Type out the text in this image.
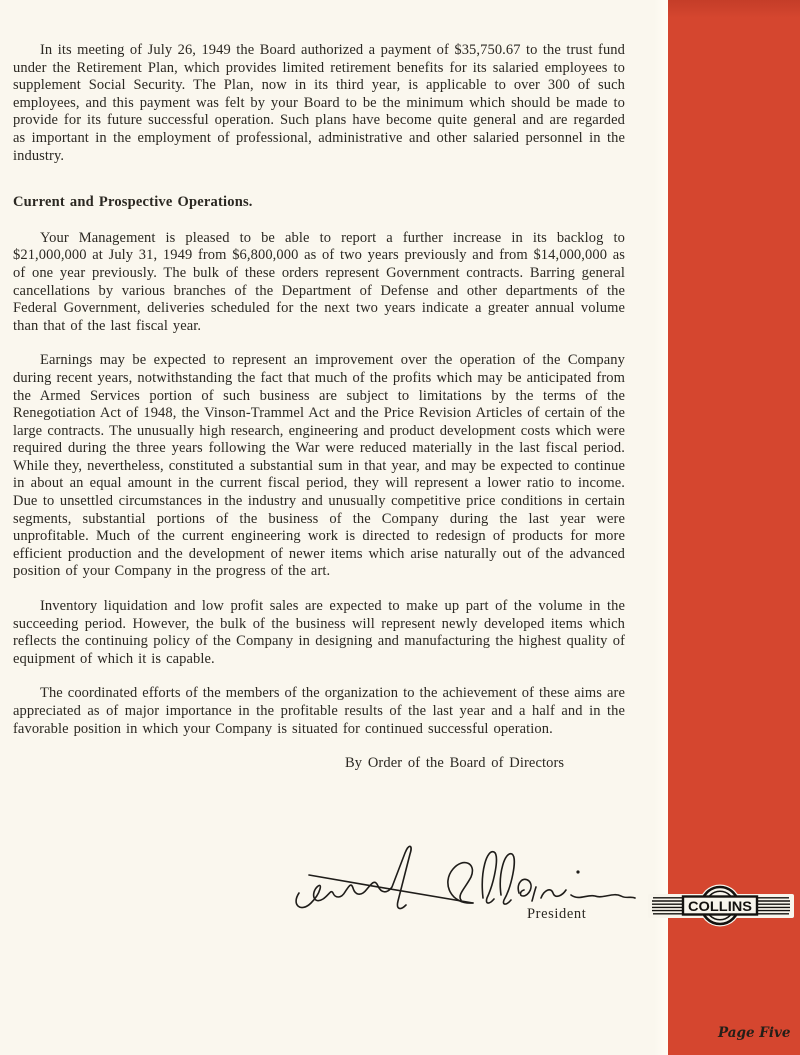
In its meeting of July 26, 1949 the Board authorized a payment of $35,750.67 to the trust fund under the Retirement Plan, which provides limited retirement benefits for its salaried employees to supplement Social Security. The Plan, now in its third year, is applicable to over 300 of such employees, and this payment was felt by your Board to be the minimum which should be made to provide for its future successful operation. Such plans have become quite general and are regarded as important in the employment of professional, administrative and other salaried personnel in the industry.

Current and Prospective Operations.

Your Management is pleased to be able to report a further increase in its backlog to $21,000,000 at July 31, 1949 from $6,800,000 as of two years previously and from $14,000,000 as of one year previously. The bulk of these orders represent Government contracts. Barring general cancellations by various branches of the Department of Defense and other departments of the Federal Government, deliveries scheduled for the next two years indicate a greater annual volume than that of the last fiscal year.

Earnings may be expected to represent an improvement over the operation of the Company during recent years, notwithstanding the fact that much of the profits which may be anticipated from the Armed Services portion of such business are subject to limitations by the terms of the Renegotiation Act of 1948, the Vinson-Trammel Act and the Price Revision Articles of certain of the large contracts. The unusually high research, engineering and product development costs which were required during the three years following the War were reduced materially in the last fiscal period. While they, nevertheless, constituted a substantial sum in that year, and may be expected to continue in about an equal amount in the current fiscal period, they will represent a lower ratio to income. Due to unsettled circumstances in the industry and unusually competitive price conditions in certain segments, substantial portions of the business of the Company during the last year were unprofitable. Much of the current engineering work is directed to redesign of products for more efficient production and the development of newer items which arise naturally out of the advanced position of your Company in the progress of the art.

Inventory liquidation and low profit sales are expected to make up part of the volume in the succeeding period. However, the bulk of the business will represent newly developed items which reflects the continuing policy of the Company in designing and manufacturing the highest quality of equipment of which it is capable.

The coordinated efforts of the members of the organization to the achievement of these aims are appreciated as of major importance in the profitable results of the last year and a half and in the favorable position in which your Company is situated for continued successful operation.

By Order of the Board of Directors

President	COLLINS
Page Five
